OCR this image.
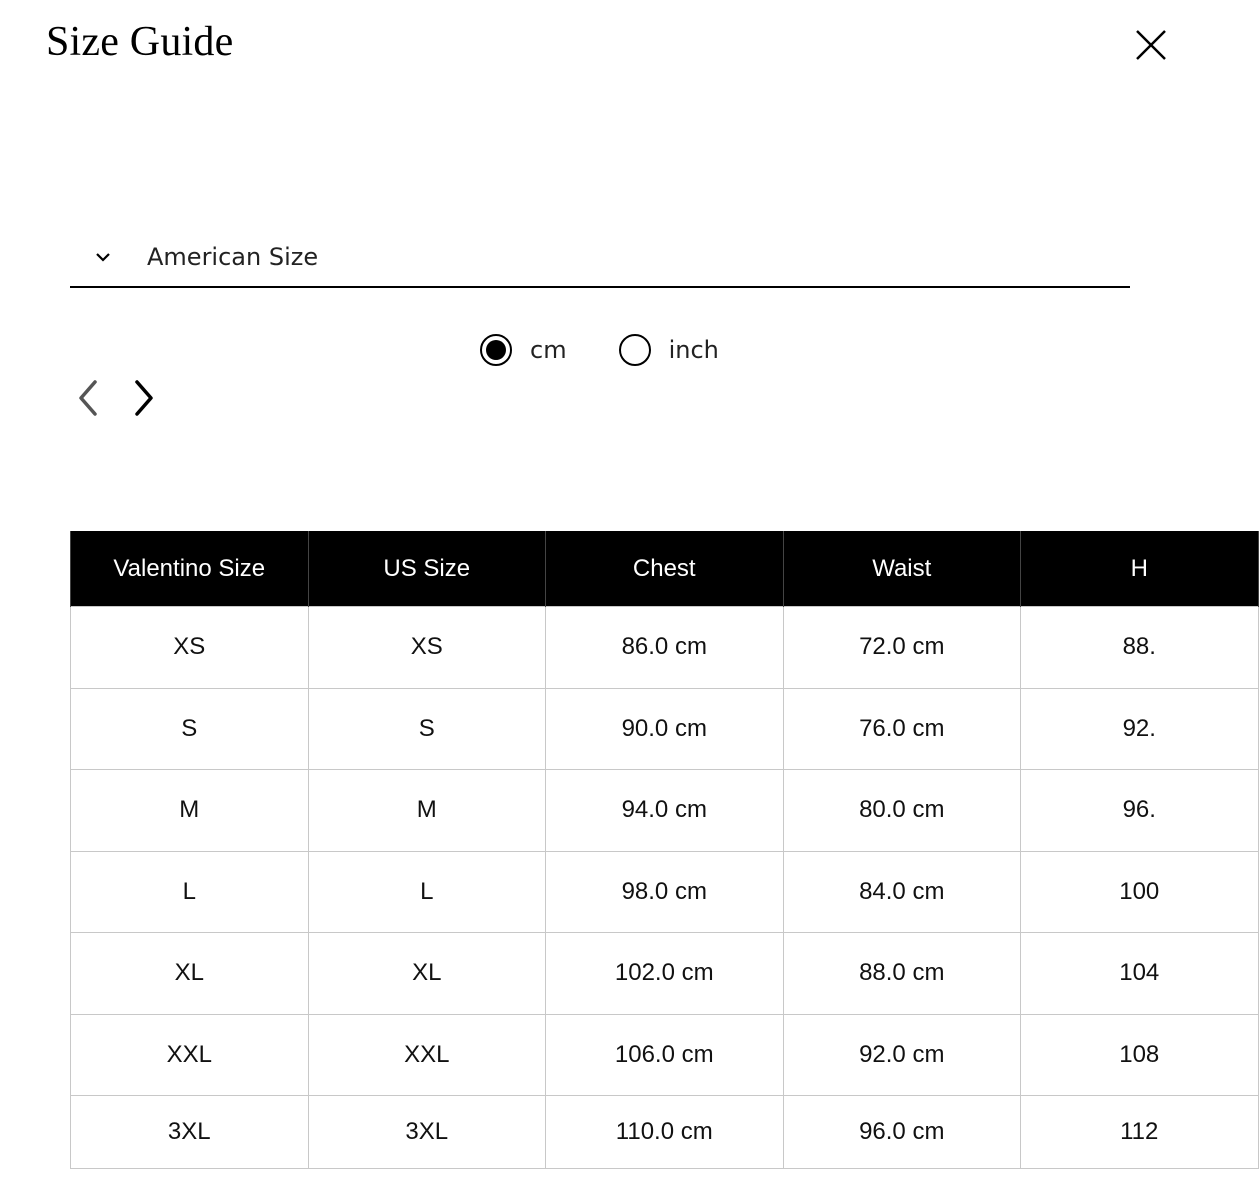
Size Guide
American Size
cm	inch
Valentino Size	US Size	Chest	Waist	H
XS	XS	86.0 cm	72.0 cm	88.
S	S	90.0 cm	76.0 cm	92.
M	M	94.0 cm	80.0 cm	96.
L	L	98.0 cm	84.0 cm	100
XL	XL	102.0 cm	88.0 cm	104
XXL	XXL	106.0 cm	92.0 cm	108
3XL	3XL	110.0 cm	96.0 cm	112
